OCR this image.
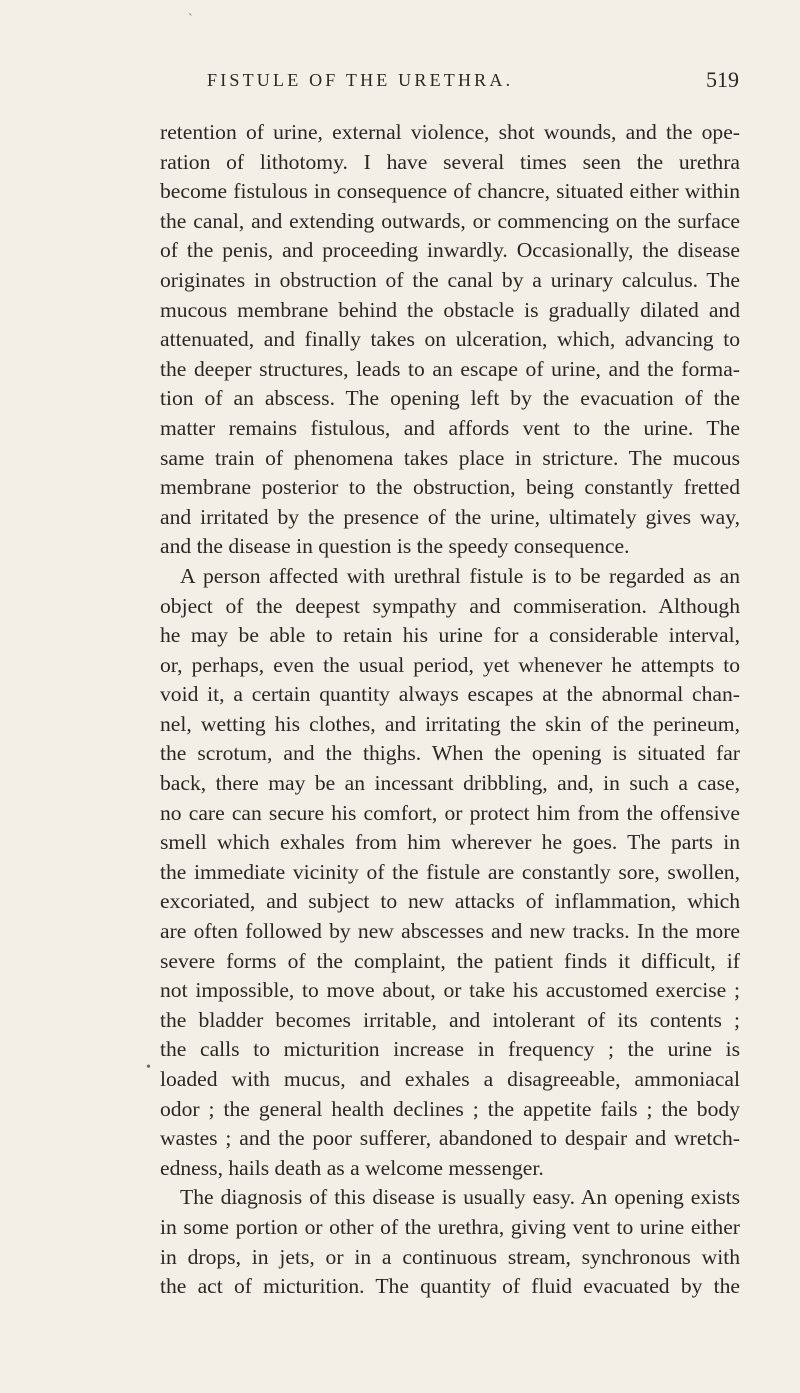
`
FISTULE OF THE URETHRA.	519
•
retention of urine, external violence, shot wounds, and the ope-
ration of lithotomy. I have several times seen the urethra
become fistulous in consequence of chancre, situated either within
the canal, and extending outwards, or commencing on the surface
of the penis, and proceeding inwardly. Occasionally, the disease
originates in obstruction of the canal by a urinary calculus. The
mucous membrane behind the obstacle is gradually dilated and
attenuated, and finally takes on ulceration, which, advancing to
the deeper structures, leads to an escape of urine, and the forma-
tion of an abscess. The opening left by the evacuation of the
matter remains fistulous, and affords vent to the urine. The
same train of phenomena takes place in stricture. The mucous
membrane posterior to the obstruction, being constantly fretted
and irritated by the presence of the urine, ultimately gives way,
and the disease in question is the speedy consequence.
A person affected with urethral fistule is to be regarded as an
object of the deepest sympathy and commiseration. Although
he may be able to retain his urine for a considerable interval,
or, perhaps, even the usual period, yet whenever he attempts to
void it, a certain quantity always escapes at the abnormal chan-
nel, wetting his clothes, and irritating the skin of the perineum,
the scrotum, and the thighs. When the opening is situated far
back, there may be an incessant dribbling, and, in such a case,
no care can secure his comfort, or protect him from the offensive
smell which exhales from him wherever he goes. The parts in
the immediate vicinity of the fistule are constantly sore, swollen,
excoriated, and subject to new attacks of inflammation, which
are often followed by new abscesses and new tracks. In the more
severe forms of the complaint, the patient finds it difficult, if
not impossible, to move about, or take his accustomed exercise ;
the bladder becomes irritable, and intolerant of its contents ;
the calls to micturition increase in frequency ; the urine is
loaded with mucus, and exhales a disagreeable, ammoniacal
odor ; the general health declines ; the appetite fails ; the body
wastes ; and the poor sufferer, abandoned to despair and wretch-
edness, hails death as a welcome messenger.
The diagnosis of this disease is usually easy. An opening exists
in some portion or other of the urethra, giving vent to urine either
in drops, in jets, or in a continuous stream, synchronous with
the act of micturition. The quantity of fluid evacuated by the
